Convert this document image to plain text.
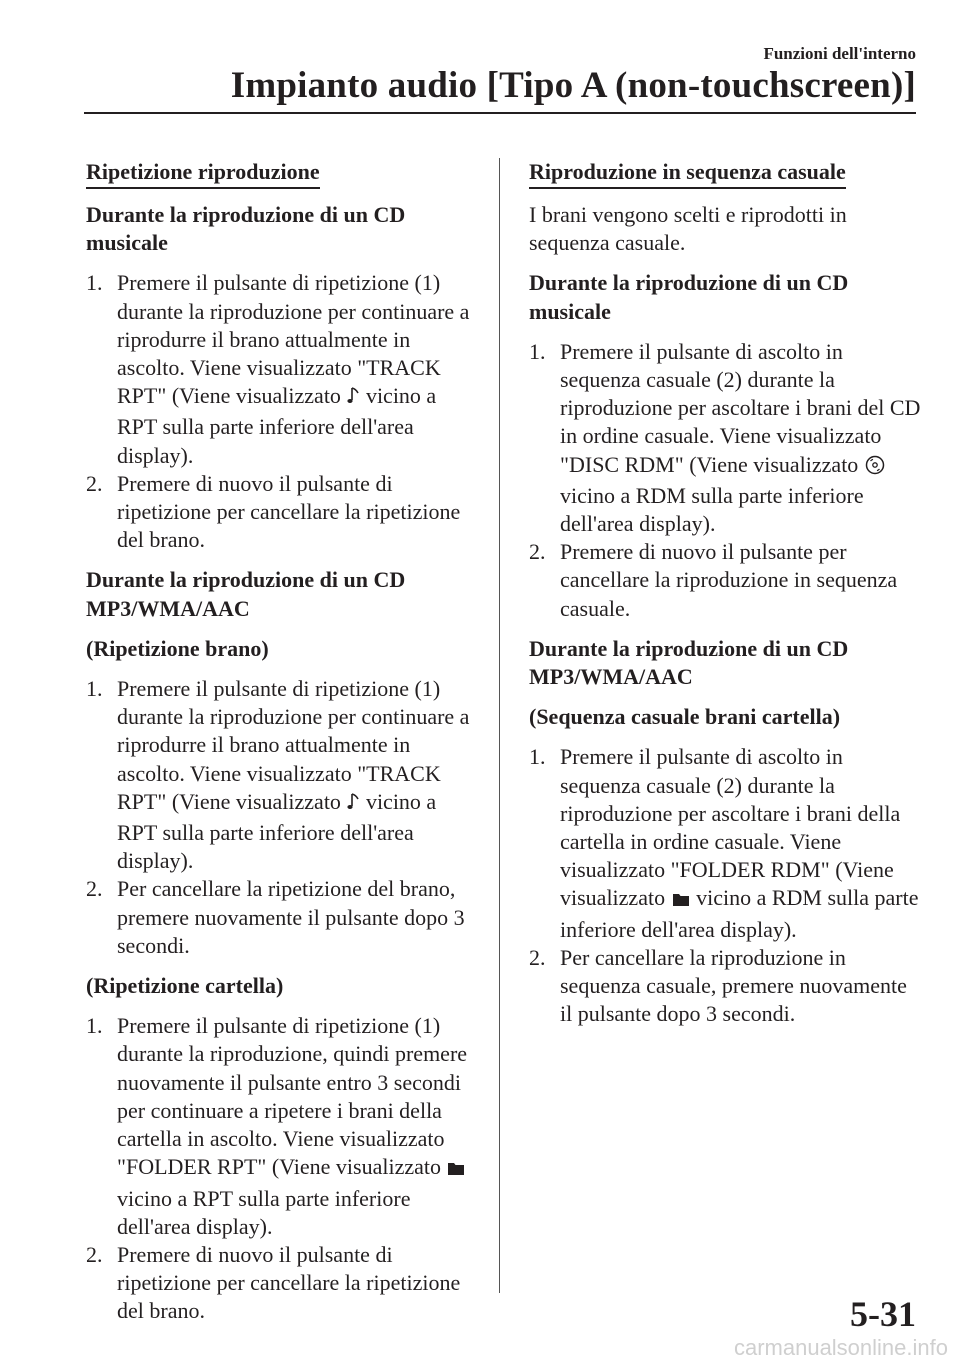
Funzioni dell'interno
Impianto audio [Tipo A (non-touchscreen)]
Ripetizione riproduzione
Durante la riproduzione di un CD musicale
1. Premere il pulsante di ripetizione (1) durante la riproduzione per continuare a riprodurre il brano attualmente in ascolto. Viene visualizzato "TRACK RPT" (Viene visualizzato  vicino a RPT sulla parte inferiore dell'area display).
2. Premere di nuovo il pulsante di ripetizione per cancellare la ripetizione del brano.
Durante la riproduzione di un CD MP3/WMA/AAC
(Ripetizione brano)
1. Premere il pulsante di ripetizione (1) durante la riproduzione per continuare a riprodurre il brano attualmente in ascolto. Viene visualizzato "TRACK RPT" (Viene visualizzato  vicino a RPT sulla parte inferiore dell'area display).
2. Per cancellare la ripetizione del brano, premere nuovamente il pulsante dopo 3 secondi.
(Ripetizione cartella)
1. Premere il pulsante di ripetizione (1) durante la riproduzione, quindi premere nuovamente il pulsante entro 3 secondi per continuare a ripetere i brani della cartella in ascolto. Viene visualizzato "FOLDER RPT" (Viene visualizzato  vicino a RPT sulla parte inferiore dell'area display).
2. Premere di nuovo il pulsante di ripetizione per cancellare la ripetizione del brano.
Riproduzione in sequenza casuale
I brani vengono scelti e riprodotti in sequenza casuale.
Durante la riproduzione di un CD musicale
1. Premere il pulsante di ascolto in sequenza casuale (2) durante la riproduzione per ascoltare i brani del CD in ordine casuale. Viene visualizzato "DISC RDM" (Viene visualizzato  vicino a RDM sulla parte inferiore dell'area display).
2. Premere di nuovo il pulsante per cancellare la riproduzione in sequenza casuale.
Durante la riproduzione di un CD MP3/WMA/AAC
(Sequenza casuale brani cartella)
1. Premere il pulsante di ascolto in sequenza casuale (2) durante la riproduzione per ascoltare i brani della cartella in ordine casuale. Viene visualizzato "FOLDER RDM" (Viene visualizzato  vicino a RDM sulla parte inferiore dell'area display).
2. Per cancellare la riproduzione in sequenza casuale, premere nuovamente il pulsante dopo 3 secondi.
5-31
carmanualsonline.info
